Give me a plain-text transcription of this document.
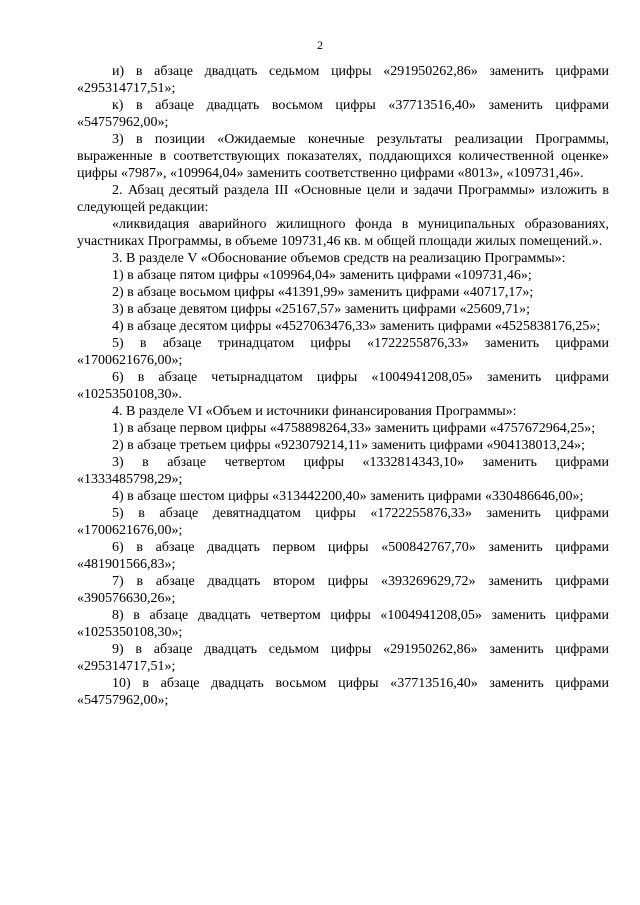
2

и) в абзаце двадцать седьмом цифры «291950262,86» заменить цифрами «295314717,51»;

к) в абзаце двадцать восьмом цифры «37713516,40» заменить цифрами «54757962,00»;

3) в позиции «Ожидаемые конечные результаты реализации Программы, выраженные в соответствующих показателях, поддающихся количественной оценке» цифры «7987», «109964,04» заменить соответственно цифрами «8013», «109731,46».

2. Абзац десятый раздела III «Основные цели и задачи Программы» изложить в следующей редакции:

«ликвидация аварийного жилищного фонда в муниципальных образованиях, участниках Программы, в объеме 109731,46 кв. м общей площади жилых помещений.».

3. В разделе V «Обоснование объемов средств на реализацию Программы»:

1) в абзаце пятом цифры «109964,04» заменить цифрами «109731,46»;

2) в абзаце восьмом цифры «41391,99» заменить цифрами «40717,17»;

3) в абзаце девятом цифры «25167,57» заменить цифрами «25609,71»;

4) в абзаце десятом цифры «4527063476,33» заменить цифрами «4525838176,25»;

5) в абзаце тринадцатом цифры «1722255876,33» заменить цифрами «1700621676,00»;

6) в абзаце четырнадцатом цифры «1004941208,05» заменить цифрами «1025350108,30».

4. В разделе VI «Объем и источники финансирования Программы»:

1) в абзаце первом цифры «4758898264,33» заменить цифрами «4757672964,25»;

2) в абзаце третьем цифры «923079214,11» заменить цифрами «904138013,24»;

3) в абзаце четвертом цифры «1332814343,10» заменить цифрами «1333485798,29»;

4) в абзаце шестом цифры «313442200,40» заменить цифрами «330486646,00»;

5) в абзаце девятнадцатом цифры «1722255876,33» заменить цифрами «1700621676,00»;

6) в абзаце двадцать первом цифры «500842767,70» заменить цифрами «481901566,83»;

7) в абзаце двадцать втором цифры «393269629,72» заменить цифрами «390576630,26»;

8) в абзаце двадцать четвертом цифры «1004941208,05» заменить цифрами «1025350108,30»;

9) в абзаце двадцать седьмом цифры «291950262,86» заменить цифрами «295314717,51»;

10) в абзаце двадцать восьмом цифры «37713516,40» заменить цифрами «54757962,00»;
